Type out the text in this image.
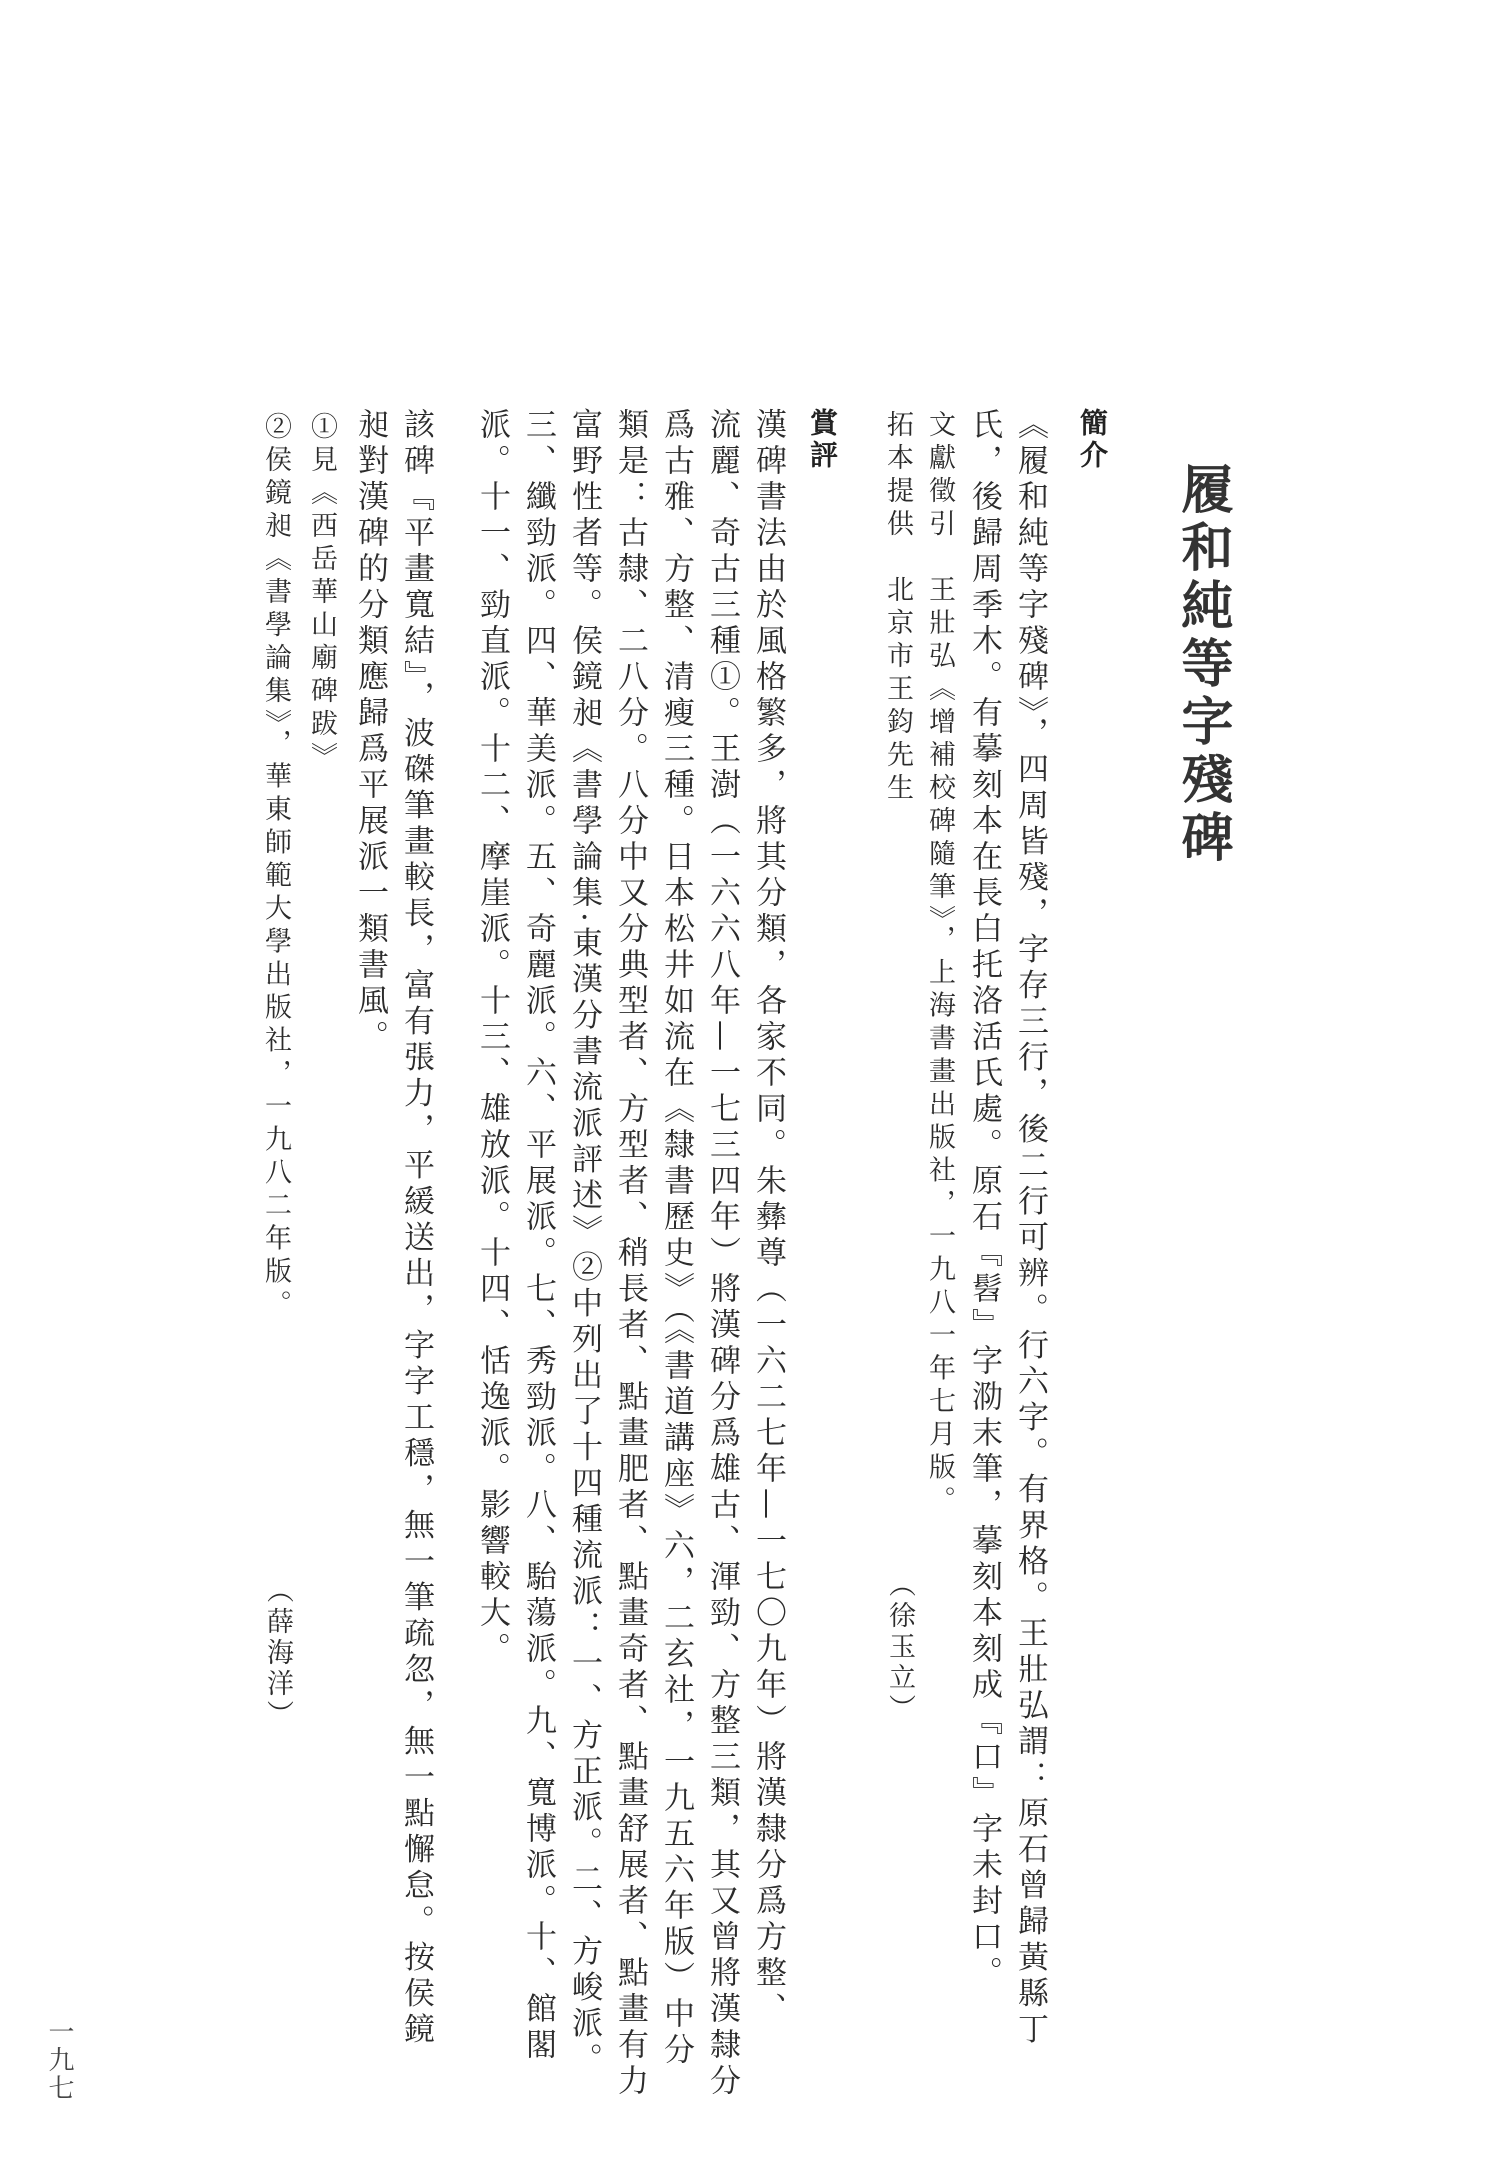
履和純等字殘碑
簡介
《履和純等字殘碑》，四周皆殘，字存三行，後二行可辨。行六字。有界格。王壯弘謂：原石曾歸黃縣丁
氏，後歸周季木。有摹刻本在長白托洛活氏處。原石『髫』字泐末筆，摹刻本刻成『口』字未封口。
文獻徵引　王壯弘《增補校碑隨筆》，上海書畫出版社，一九八一年七月版。
拓本提供　北京市王鈞先生
（徐玉立）
賞評
漢碑書法由於風格繁多，將其分類，各家不同。朱彝尊（一六二七年—一七〇九年）將漢隸分爲方整、
流麗、奇古三種①。王澍（一六六八年—一七三四年）將漢碑分爲雄古、渾勁、方整三類，其又曾將漢隸分
爲古雅、方整、清瘦三種。日本松井如流在《隸書歷史》（《書道講座》六，二玄社，一九五六年版）中分
類是：古隸、二八分。八分中又分典型者、方型者、稍長者、點畫肥者、點畫奇者、點畫舒展者、點畫有力
富野性者等。侯鏡昶《書學論集·東漢分書流派評述》②中列出了十四種流派：一、方正派。二、方峻派。
三、纖勁派。四、華美派。五、奇麗派。六、平展派。七、秀勁派。八、駘蕩派。九、寬博派。十、館閣
派。十一、勁直派。十二、摩崖派。十三、雄放派。十四、恬逸派。影響較大。
該碑『平畫寬結』，波磔筆畫較長，富有張力，平緩送出，字字工穩，無一筆疏忽，無一點懈怠。按侯鏡
昶對漢碑的分類應歸爲平展派一類書風。
①見《西岳華山廟碑跋》
②侯鏡昶《書學論集》，華東師範大學出版社，一九八二年版。
（薛海洋）
一九七
